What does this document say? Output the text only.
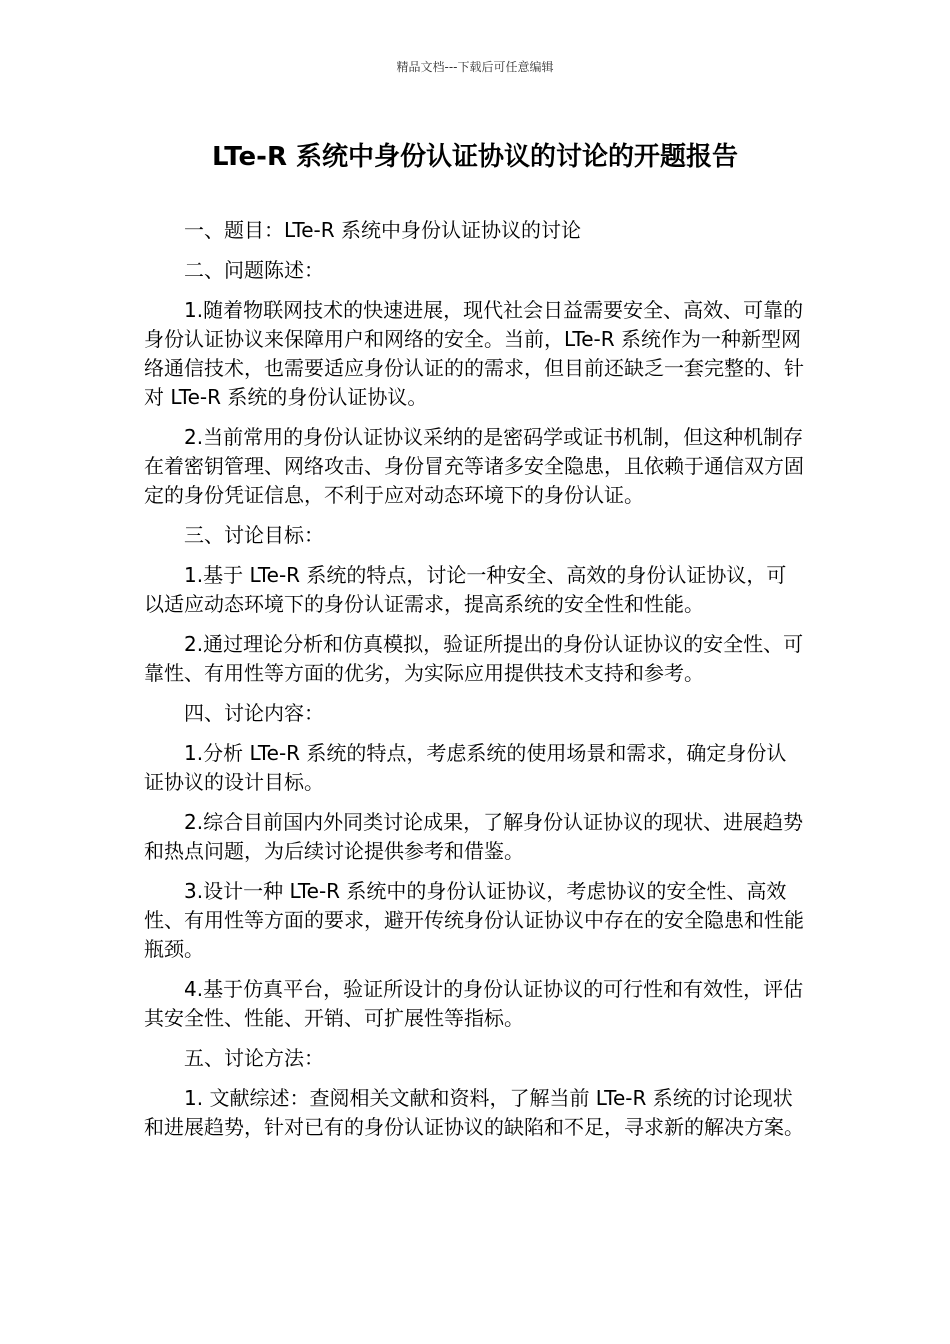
精品文档---下载后可任意编辑
LTe-R 系统中身份认证协议的讨论的开题报告

一、题目：LTe-R 系统中身份认证协议的讨论

二、问题陈述：

1.随着物联网技术的快速进展，现代社会日益需要安全、高效、可靠的身份认证协议来保障用户和网络的安全。当前，LTe-R 系统作为一种新型网络通信技术，也需要适应身份认证的的需求，但目前还缺乏一套完整的、针对 LTe-R 系统的身份认证协议。

2.当前常用的身份认证协议采纳的是密码学或证书机制，但这种机制存在着密钥管理、网络攻击、身份冒充等诸多安全隐患，且依赖于通信双方固定的身份凭证信息，不利于应对动态环境下的身份认证。

三、讨论目标：

1.基于 LTe-R 系统的特点，讨论一种安全、高效的身份认证协议，可以适应动态环境下的身份认证需求，提高系统的安全性和性能。

2.通过理论分析和仿真模拟，验证所提出的身份认证协议的安全性、可靠性、有用性等方面的优劣，为实际应用提供技术支持和参考。

四、讨论内容：

1.分析 LTe-R 系统的特点，考虑系统的使用场景和需求，确定身份认证协议的设计目标。

2.综合目前国内外同类讨论成果，了解身份认证协议的现状、进展趋势和热点问题，为后续讨论提供参考和借鉴。

3.设计一种 LTe-R 系统中的身份认证协议，考虑协议的安全性、高效性、有用性等方面的要求，避开传统身份认证协议中存在的安全隐患和性能瓶颈。

4.基于仿真平台，验证所设计的身份认证协议的可行性和有效性，评估其安全性、性能、开销、可扩展性等指标。

五、讨论方法：

1. 文献综述：查阅相关文献和资料，了解当前 LTe-R 系统的讨论现状和进展趋势，针对已有的身份认证协议的缺陷和不足，寻求新的解决方案。
